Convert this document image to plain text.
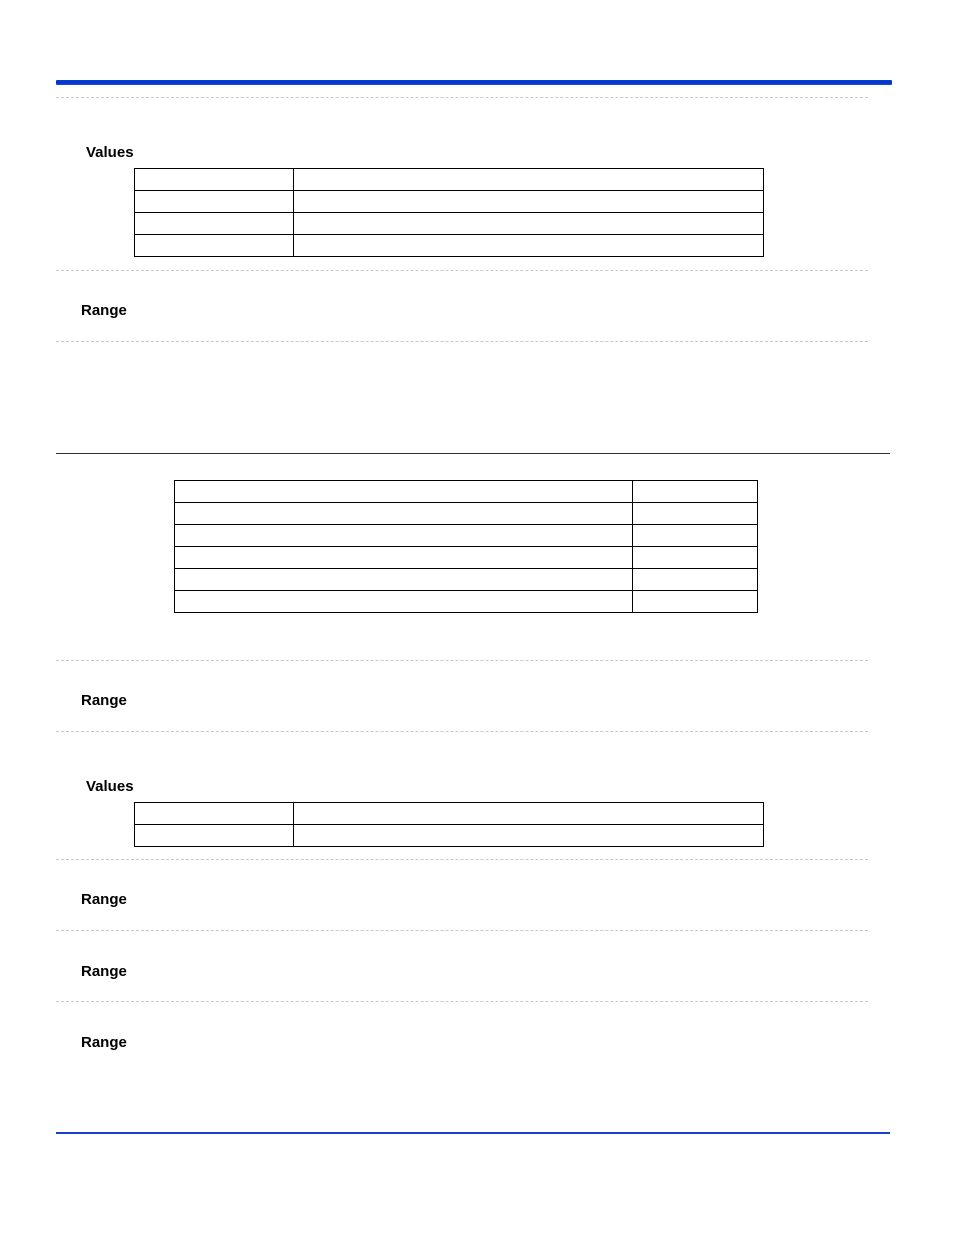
Values

Range

Range
Values

Range
Range
Range
